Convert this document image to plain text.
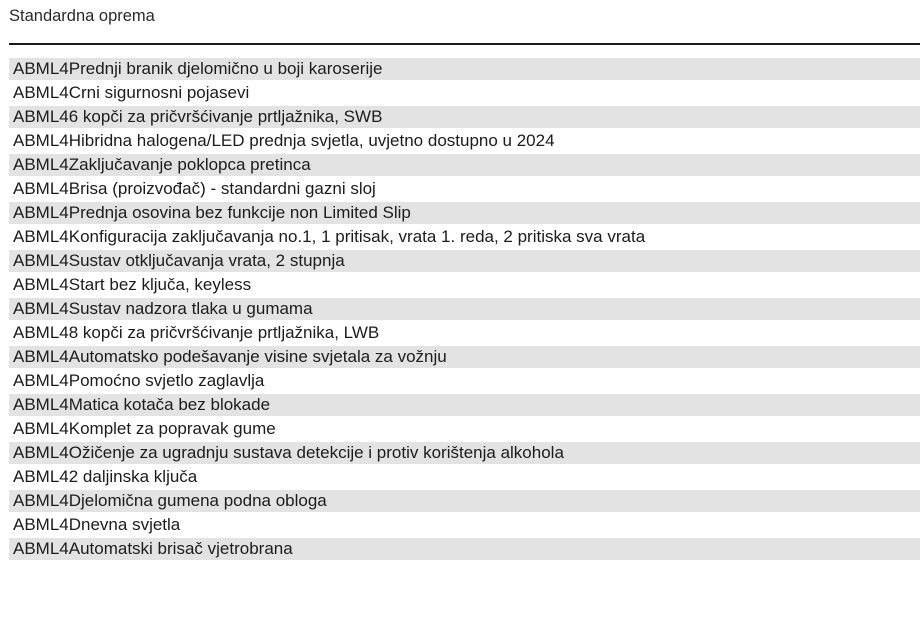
Standardna oprema
ABML4Prednji branik djelomično u boji karoserije
ABML4Crni sigurnosni pojasevi
ABML46 kopči za pričvršćivanje prtljažnika, SWB
ABML4Hibridna halogena/LED prednja svjetla, uvjetno dostupno u 2024
ABML4Zaključavanje poklopca pretinca
ABML4Brisa (proizvođač) - standardni gazni sloj
ABML4Prednja osovina bez funkcije non Limited Slip
ABML4Konfiguracija zaključavanja no.1, 1 pritisak, vrata 1. reda, 2 pritiska sva vrata
ABML4Sustav otključavanja vrata, 2 stupnja
ABML4Start bez ključa, keyless
ABML4Sustav nadzora tlaka u gumama
ABML48 kopči za pričvršćivanje prtljažnika, LWB
ABML4Automatsko podešavanje visine svjetala za vožnju
ABML4Pomoćno svjetlo zaglavlja
ABML4Matica kotača bez blokade
ABML4Komplet za popravak gume
ABML4Ožičenje za ugradnju sustava detekcije i protiv korištenja alkohola
ABML42 daljinska ključa
ABML4Djelomična gumena podna obloga
ABML4Dnevna svjetla
ABML4Automatski brisač vjetrobrana
